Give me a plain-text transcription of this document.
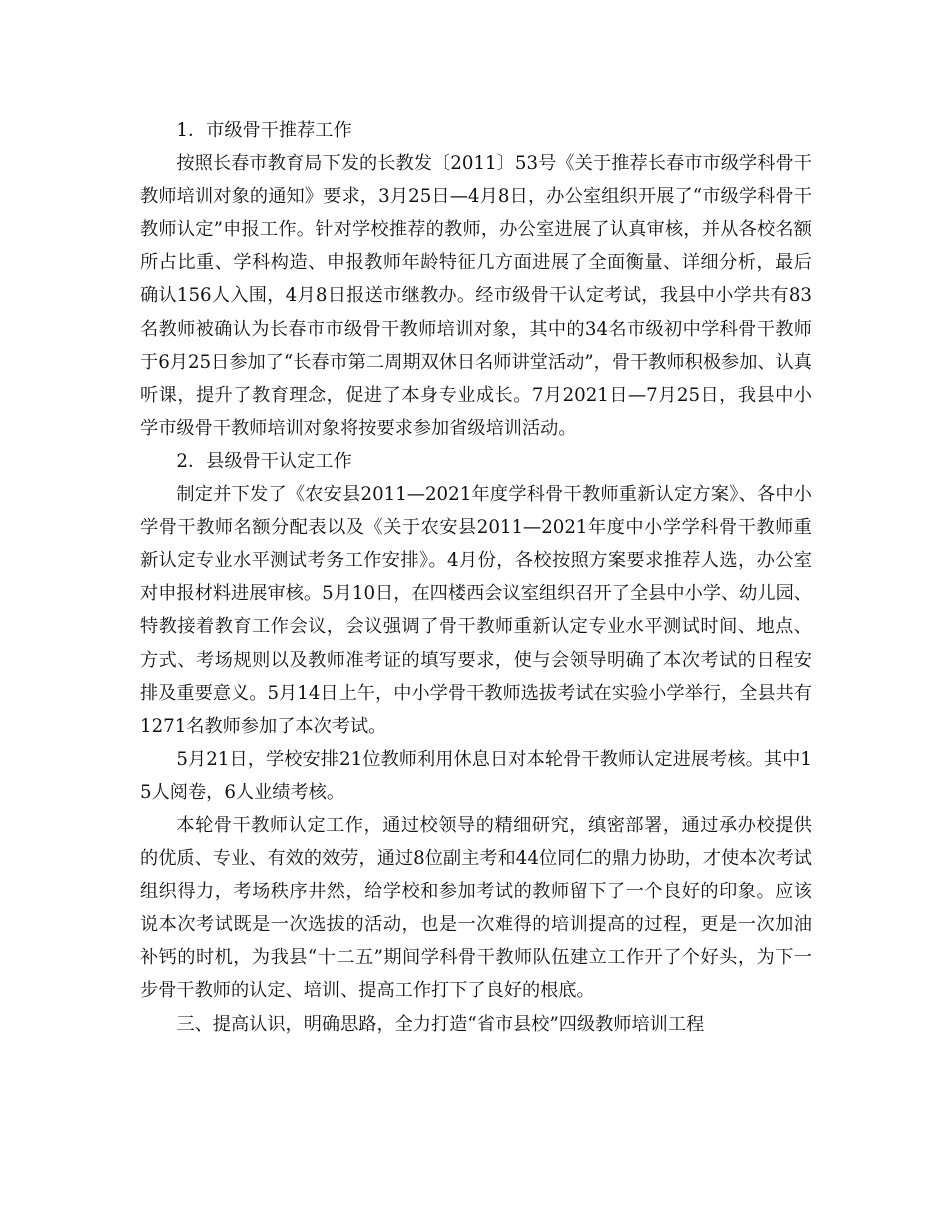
1．市级骨干推荐工作

按照长春市教育局下发的长教发〔2011〕53号《关于推荐长春市市级学科骨干教师培训对象的通知》要求，3月25日—4月8日，办公室组织开展了“市级学科骨干教师认定”申报工作。针对学校推荐的教师，办公室进展了认真审核，并从各校名额所占比重、学科构造、申报教师年龄特征几方面进展了全面衡量、详细分析，最后确认156人入围，4月8日报送市继教办。经市级骨干认定考试，我县中小学共有83名教师被确认为长春市市级骨干教师培训对象，其中的34名市级初中学科骨干教师于6月25日参加了“长春市第二周期双休日名师讲堂活动”，骨干教师积极参加、认真听课，提升了教育理念，促进了本身专业成长。7月2021日—7月25日，我县中小学市级骨干教师培训对象将按要求参加省级培训活动。

2．县级骨干认定工作

制定并下发了《农安县2011—2021年度学科骨干教师重新认定方案》、各中小学骨干教师名额分配表以及《关于农安县2011—2021年度中小学学科骨干教师重新认定专业水平测试考务工作安排》。4月份，各校按照方案要求推荐人选，办公室对申报材料进展审核。5月10日，在四楼西会议室组织召开了全县中小学、幼儿园、特教接着教育工作会议，会议强调了骨干教师重新认定专业水平测试时间、地点、方式、考场规则以及教师准考证的填写要求，使与会领导明确了本次考试的日程安排及重要意义。5月14日上午，中小学骨干教师选拔考试在实验小学举行，全县共有1271名教师参加了本次考试。

5月21日，学校安排21位教师利用休息日对本轮骨干教师认定进展考核。其中15人阅卷，6人业绩考核。

本轮骨干教师认定工作，通过校领导的精细研究，缜密部署，通过承办校提供的优质、专业、有效的效劳，通过8位副主考和44位同仁的鼎力协助，才使本次考试组织得力，考场秩序井然，给学校和参加考试的教师留下了一个良好的印象。应该说本次考试既是一次选拔的活动，也是一次难得的培训提高的过程，更是一次加油补钙的时机，为我县“十二五”期间学科骨干教师队伍建立工作开了个好头，为下一步骨干教师的认定、培训、提高工作打下了良好的根底。

三、提高认识，明确思路，全力打造“省市县校”四级教师培训工程
